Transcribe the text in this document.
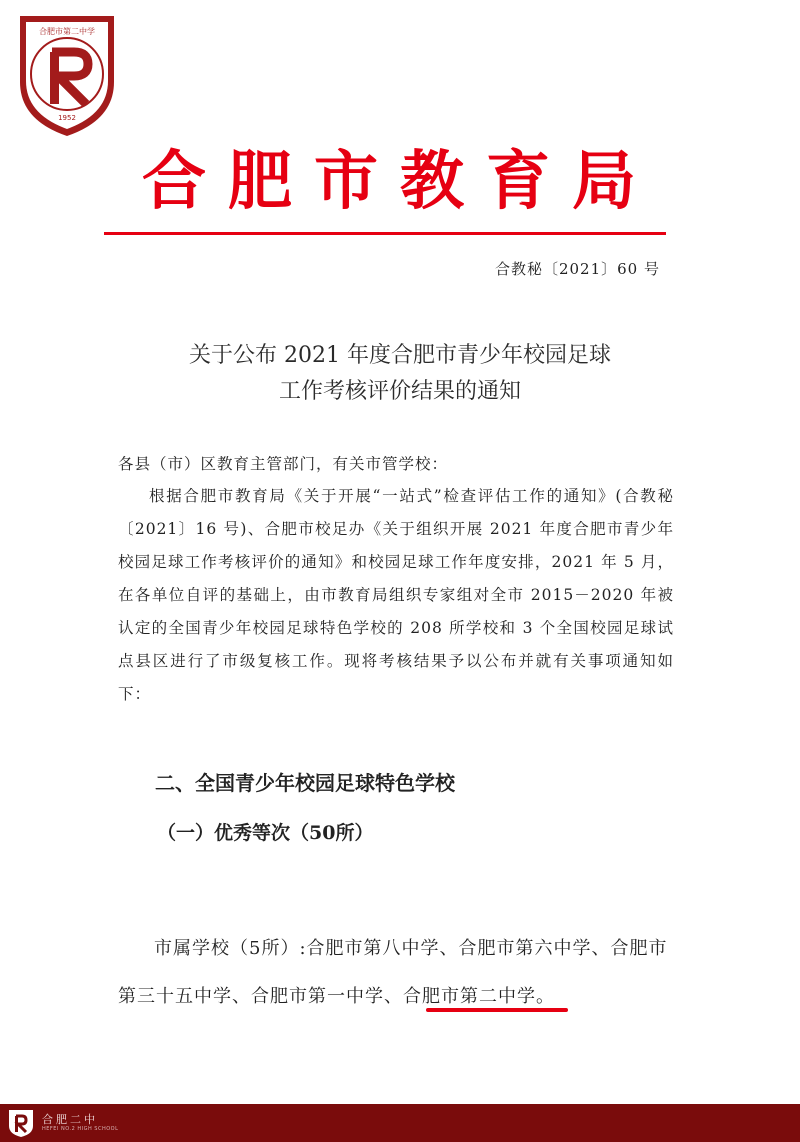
合肥市第二中学
1952
合肥市教育局
合教秘〔2021〕60 号
关于公布 2021 年度合肥市青少年校园足球
工作考核评价结果的通知
各县（市）区教育主管部门，有关市管学校：
根据合肥市教育局《关于开展“一站式”检查评估工作的通知》(合教秘〔2021〕16 号)、合肥市校足办《关于组织开展 2021 年度合肥市青少年校园足球工作考核评价的通知》和校园足球工作年度安排，2021 年 5 月，在各单位自评的基础上，由市教育局组织专家组对全市 2015－2020 年被认定的全国青少年校园足球特色学校的 208 所学校和 3 个全国校园足球试点县区进行了市级复核工作。现将考核结果予以公布并就有关事项通知如下：
二、全国青少年校园足球特色学校
（一）优秀等次（50所）
市属学校（5所）:合肥市第八中学、合肥市第六中学、合肥市第三十五中学、合肥市第一中学、合肥市第二中学。
合肥二中
HEFEI NO.2 HIGH SCHOOL
